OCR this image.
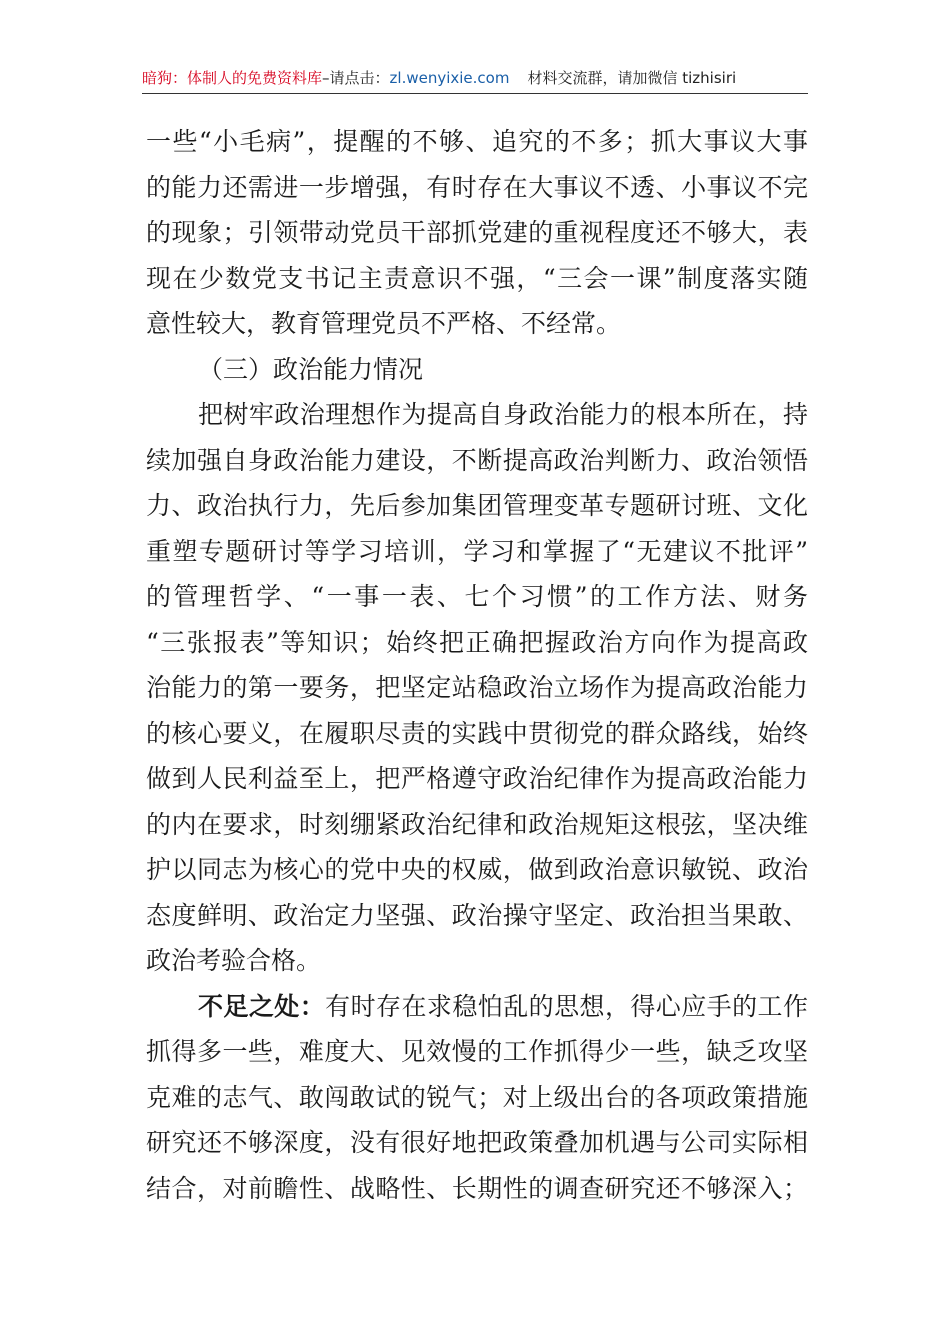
暗狗：体制人的免费资料库–请点击：zl.wenyixie.com 材料交流群，请加微信 tizhisiri
一些“小毛病”，提醒的不够、追究的不多；抓大事议大事
的能力还需进一步增强，有时存在大事议不透、小事议不完
的现象；引领带动党员干部抓党建的重视程度还不够大，表
现在少数党支书记主责意识不强，“三会一课”制度落实随
意性较大，教育管理党员不严格、不经常。
（三）政治能力情况
把树牢政治理想作为提高自身政治能力的根本所在，持
续加强自身政治能力建设，不断提高政治判断力、政治领悟
力、政治执行力，先后参加集团管理变革专题研讨班、文化
重塑专题研讨等学习培训，学习和掌握了“无建议不批评”
的管理哲学、“一事一表、七个习惯”的工作方法、财务
“三张报表”等知识；始终把正确把握政治方向作为提高政
治能力的第一要务，把坚定站稳政治立场作为提高政治能力
的核心要义，在履职尽责的实践中贯彻党的群众路线，始终
做到人民利益至上，把严格遵守政治纪律作为提高政治能力
的内在要求，时刻绷紧政治纪律和政治规矩这根弦，坚决维
护以同志为核心的党中央的权威，做到政治意识敏锐、政治
态度鲜明、政治定力坚强、政治操守坚定、政治担当果敢、
政治考验合格。
不足之处：有时存在求稳怕乱的思想，得心应手的工作
抓得多一些，难度大、见效慢的工作抓得少一些，缺乏攻坚
克难的志气、敢闯敢试的锐气；对上级出台的各项政策措施
研究还不够深度，没有很好地把政策叠加机遇与公司实际相
结合，对前瞻性、战略性、长期性的调查研究还不够深入；
